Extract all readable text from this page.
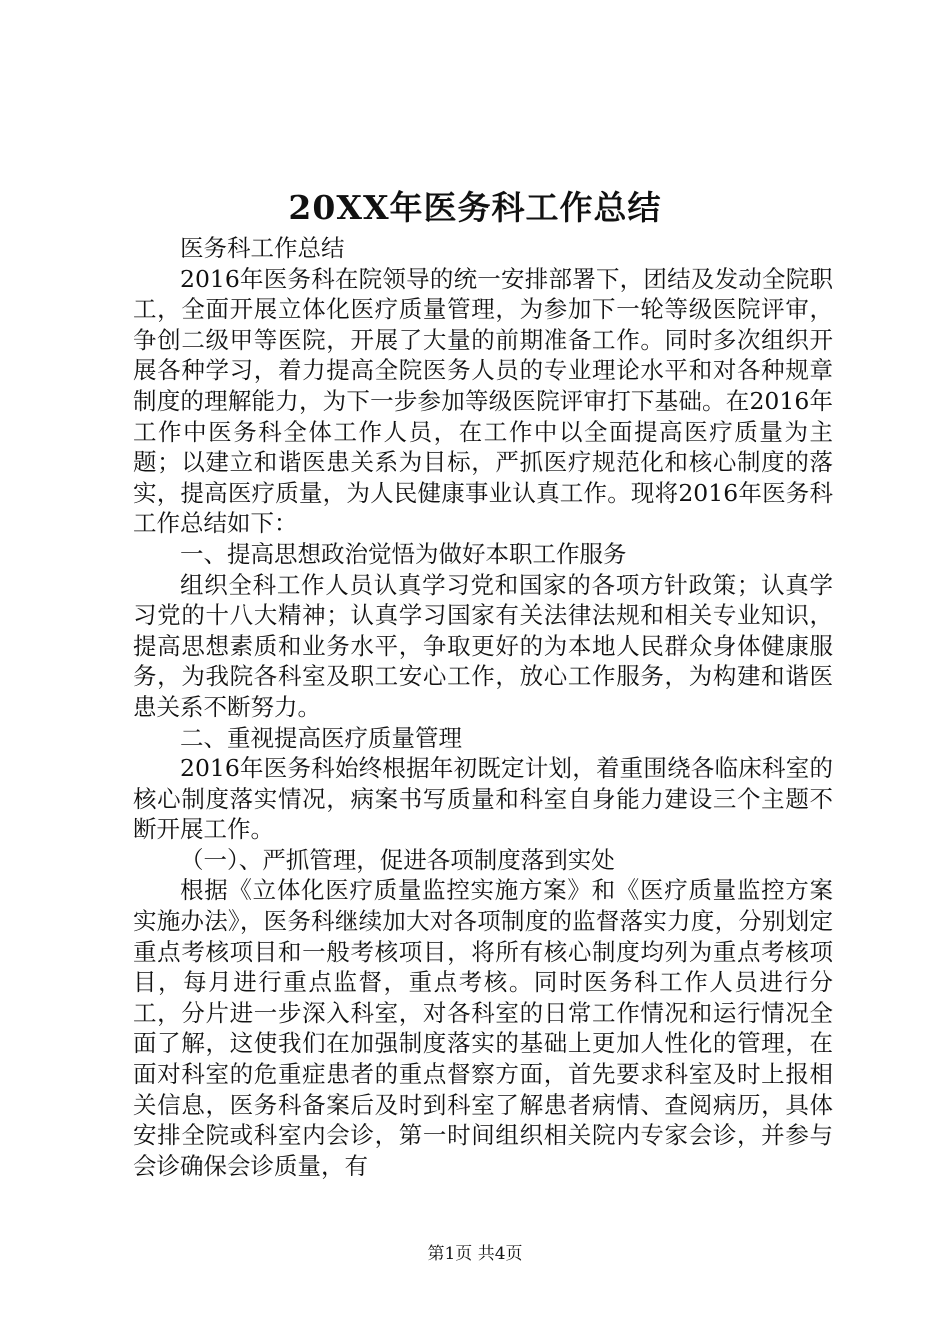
20XX年医务科工作总结

医务科工作总结

2016年医务科在院领导的统一安排部署下，团结及发动全院职工，全面开展立体化医疗质量管理，为参加下一轮等级医院评审，争创二级甲等医院，开展了大量的前期准备工作。同时多次组织开展各种学习，着力提高全院医务人员的专业理论水平和对各种规章制度的理解能力，为下一步参加等级医院评审打下基础。在2016年工作中医务科全体工作人员，在工作中以全面提高医疗质量为主题；以建立和谐医患关系为目标，严抓医疗规范化和核心制度的落实，提高医疗质量，为人民健康事业认真工作。现将2016年医务科工作总结如下：

一、提高思想政治觉悟为做好本职工作服务

组织全科工作人员认真学习党和国家的各项方针政策；认真学习党的十八大精神；认真学习国家有关法律法规和相关专业知识，提高思想素质和业务水平，争取更好的为本地人民群众身体健康服务，为我院各科室及职工安心工作，放心工作服务，为构建和谐医患关系不断努力。

二、重视提高医疗质量管理

2016年医务科始终根据年初既定计划，着重围绕各临床科室的核心制度落实情况，病案书写质量和科室自身能力建设三个主题不断开展工作。

（一）、严抓管理，促进各项制度落到实处

根据《立体化医疗质量监控实施方案》和《医疗质量监控方案实施办法》，医务科继续加大对各项制度的监督落实力度，分别划定重点考核项目和一般考核项目，将所有核心制度均列为重点考核项目，每月进行重点监督，重点考核。同时医务科工作人员进行分工，分片进一步深入科室，对各科室的日常工作情况和运行情况全面了解，这使我们在加强制度落实的基础上更加人性化的管理，在面对科室的危重症患者的重点督察方面，首先要求科室及时上报相关信息，医务科备案后及时到科室了解患者病情、查阅病历，具体安排全院或科室内会诊，第一时间组织相关院内专家会诊，并参与会诊确保会诊质量，有

第1页 共4页
